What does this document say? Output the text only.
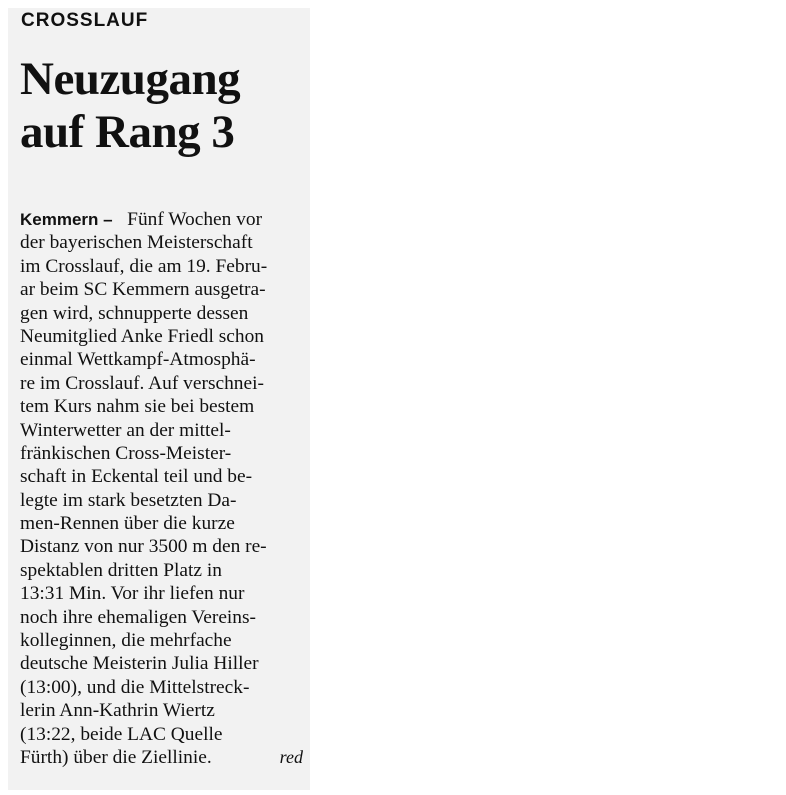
CROSSLAUF
Neuzugang
auf Rang 3
Kemmern – Fünf Wochen vor
der bayerischen Meisterschaft
im Crosslauf, die am 19. Febru-
ar beim SC Kemmern ausgetra-
gen wird, schnupperte dessen
Neumitglied Anke Friedl schon
einmal Wettkampf-Atmosphä-
re im Crosslauf. Auf verschnei-
tem Kurs nahm sie bei bestem
Winterwetter an der mittel-
fränkischen Cross-Meister-
schaft in Eckental teil und be-
legte im stark besetzten Da-
men-Rennen über die kurze
Distanz von nur 3500 m den re-
spektablen dritten Platz in
13:31 Min. Vor ihr liefen nur
noch ihre ehemaligen Vereins-
kolleginnen, die mehrfache
deutsche Meisterin Julia Hiller
(13:00), und die Mittelstreck-
lerin Ann-Kathrin Wiertz
(13:22, beide LAC Quelle
Fürth) über die Ziellinie.	red
